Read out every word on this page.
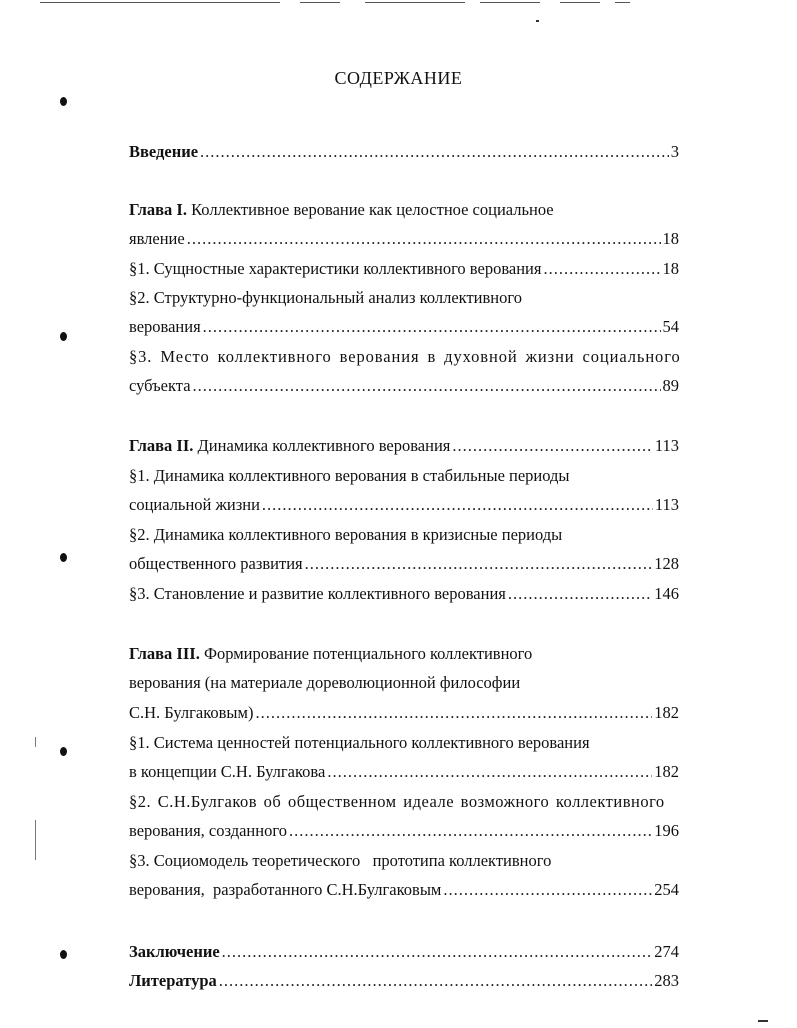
СОДЕРЖАНИЕ
Введение .....	3
Глава I. Коллективное верование как целостное социальное
явление .....	18
§1. Сущностные характеристики коллективного верования .....	18
§2. Структурно-функциональный анализ коллективного
верования .....	54
§3. Место коллективного верования в духовной жизни социального
субъекта .....	89
Глава II. Динамика коллективного верования .....	113
§1. Динамика коллективного верования в стабильные периоды
социальной жизни .....	113
§2. Динамика коллективного верования в кризисные периоды
общественного развития .....	128
§3. Становление и развитие коллективного верования .....	146
Глава III. Формирование потенциального коллективного
верования (на материале дореволюционной философии
С.Н. Булгаковым) .....	182
§1. Система ценностей потенциального коллективного верования
в концепции С.Н. Булгакова .....	182
§2. С.Н.Булгаков об общественном идеале возможного коллективного
верования, созданного .....	196
§3. Социомодель теоретического   прототипа коллективного
верования,  разработанного С.Н.Булгаковым .....	254
Заключение .....	274
Литература .....	283
